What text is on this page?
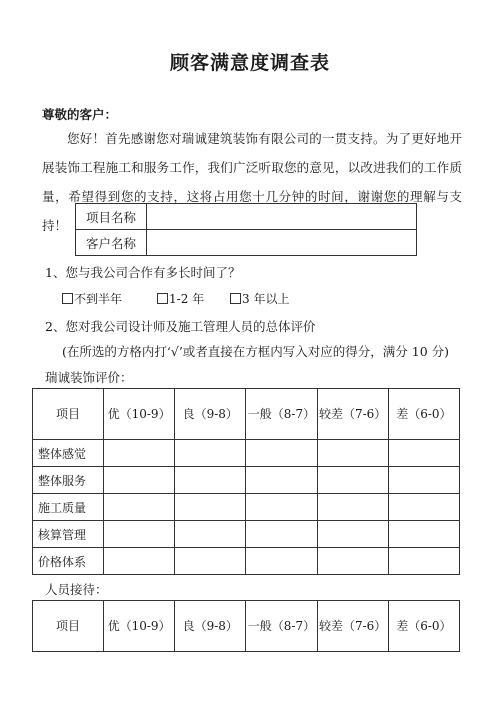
顾客满意度调查表
尊敬的客户：
您好！首先感谢您对瑞诚建筑装饰有限公司的一贯支持。为了更好地开展装饰工程施工和服务工作，我们广泛听取您的意见，以改进我们的工作质量，希望得到您的支持，这将占用您十几分钟的时间，谢谢您的理解与支持！
项目名称	
客户名称	
1、您与我公司合作有多长时间了？
不到半年	1-2 年	3 年以上
2、您对我公司设计师及施工管理人员的总体评价
(在所选的方格内打‘√’或者直接在方框内写入对应的得分，满分 10 分)
瑞诚装饰评价：
项目	优（10-9）	良（9-8）	一般（8-7）	较差（7-6）	差（6-0）
整体感觉					
整体服务					
施工质量					
核算管理					
价格体系					
人员接待：
项目	优（10-9）	良（9-8）	一般（8-7）	较差（7-6）	差（6-0）
